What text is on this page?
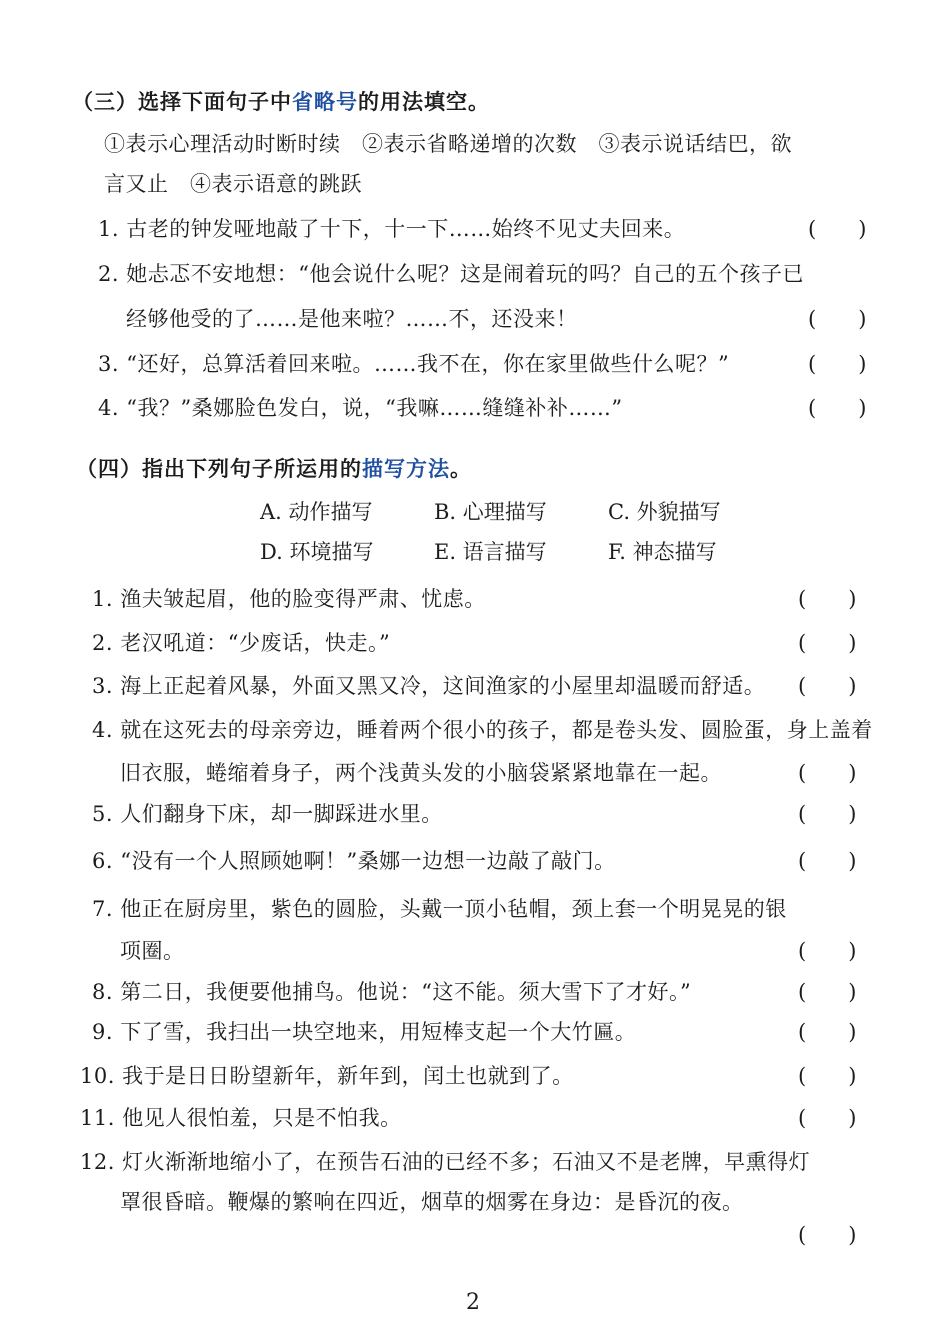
（三）选择下面句子中省略号的用法填空。
①表示心理活动时断时续　②表示省略递增的次数　③表示说话结巴，欲
言又止　④表示语意的跳跃
1. 古老的钟发哑地敲了十下，十一下……始终不见丈夫回来。	(　　)
2. 她忐忑不安地想：“他会说什么呢？这是闹着玩的吗？自己的五个孩子已
经够他受的了……是他来啦？……不，还没来！	(　　)
3. “还好，总算活着回来啦。……我不在，你在家里做些什么呢？”	(　　)
4. “我？”桑娜脸色发白，说，“我嘛……缝缝补补……”	(　　)
（四）指出下列句子所运用的描写方法。
A. 动作描写	B. 心理描写	C. 外貌描写
D. 环境描写	E. 语言描写	F. 神态描写
1. 渔夫皱起眉，他的脸变得严肃、忧虑。	(　　)
2. 老汉吼道：“少废话，快走。”	(　　)
3. 海上正起着风暴，外面又黑又冷，这间渔家的小屋里却温暖而舒适。 (　　)
4. 就在这死去的母亲旁边，睡着两个很小的孩子，都是卷头发、圆脸蛋，身上盖着
旧衣服，蜷缩着身子，两个浅黄头发的小脑袋紧紧地靠在一起。	(　　)
5. 人们翻身下床，却一脚踩进水里。	(　　)
6. “没有一个人照顾她啊！”桑娜一边想一边敲了敲门。	(　　)
7. 他正在厨房里，紫色的圆脸，头戴一顶小毡帽，颈上套一个明晃晃的银
项圈。	(　　)
8. 第二日，我便要他捕鸟。他说：“这不能。须大雪下了才好。”	(　　)
9. 下了雪，我扫出一块空地来，用短棒支起一个大竹匾。	(　　)
10. 我于是日日盼望新年，新年到，闰土也就到了。	(　　)
11. 他见人很怕羞，只是不怕我。	(　　)
12. 灯火渐渐地缩小了，在预告石油的已经不多；石油又不是老牌，早熏得灯
罩很昏暗。鞭爆的繁响在四近，烟草的烟雾在身边：是昏沉的夜。
(　　)
2
